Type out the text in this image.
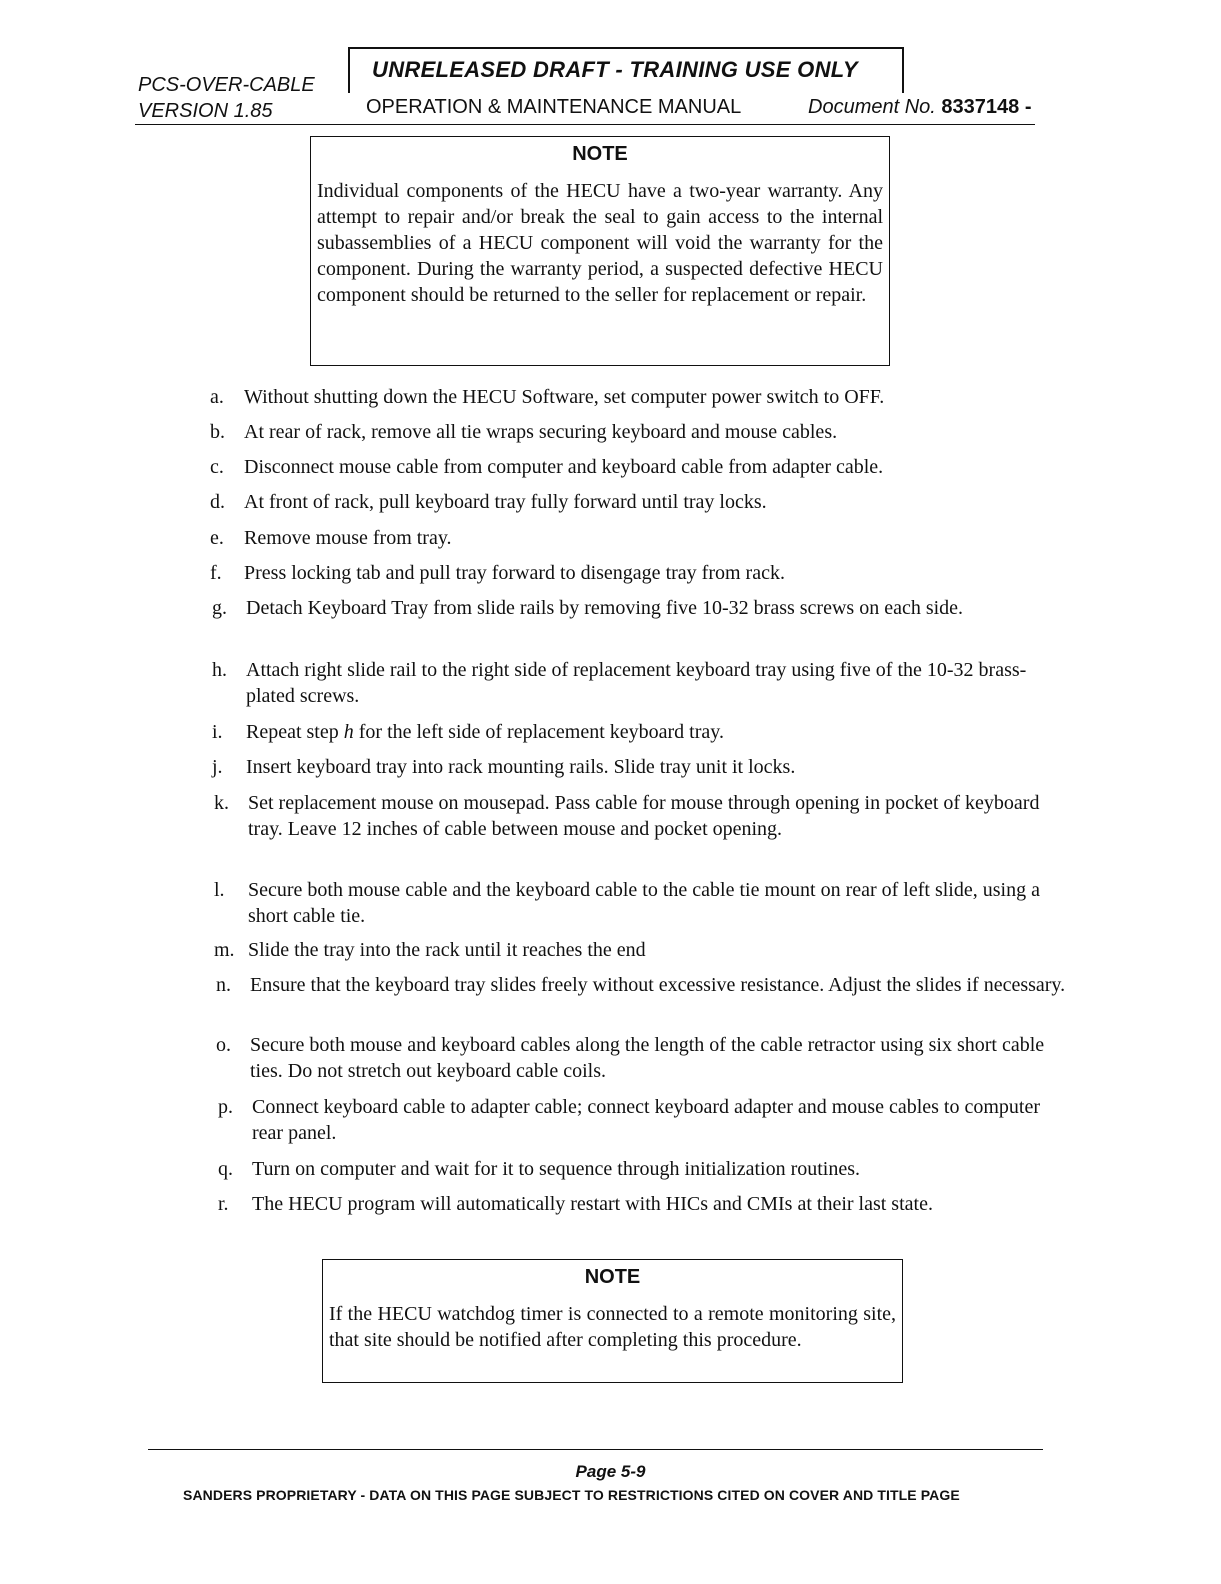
PCS-OVER-CABLE
VERSION 1.85
UNRELEASED DRAFT - TRAINING USE ONLY
OPERATION & MAINTENANCE MANUAL	Document No. 8337148 -
NOTE
Individual components of the HECU have a two-year warranty. Any attempt to repair and/or break the seal to gain access to the internal subassemblies of a HECU component will void the warranty for the component. During the warranty period, a suspected defective HECU component should be returned to the seller for replacement or repair.
a.	Without shutting down the HECU Software, set computer power switch to OFF.
b. At rear of rack, remove all tie wraps securing keyboard and mouse cables.
c.	Disconnect mouse cable from computer and keyboard cable from adapter cable.
d. At front of rack, pull keyboard tray fully forward until tray locks.
e.	Remove mouse from tray.
f.	Press locking tab and pull tray forward to disengage tray from rack.
g. Detach Keyboard Tray from slide rails by removing five 10-32 brass screws on each side.
h. Attach right slide rail to the right side of replacement keyboard tray using five of the 10-32 brass-plated screws.
i.	Repeat step h for the left side of replacement keyboard tray.
j.	Insert keyboard tray into rack mounting rails. Slide tray unit it locks.
k. Set replacement mouse on mousepad. Pass cable for mouse through opening in pocket of keyboard tray. Leave 12 inches of cable between mouse and pocket opening.
l.	Secure both mouse cable and the keyboard cable to the cable tie mount on rear of left slide, using a short cable tie.
m. Slide the tray into the rack until it reaches the end
n. Ensure that the keyboard tray slides freely without excessive resistance. Adjust the slides if necessary.
o. Secure both mouse and keyboard cables along the length of the cable retractor using six short cable ties. Do not stretch out keyboard cable coils.
p. Connect keyboard cable to adapter cable; connect keyboard adapter and mouse cables to computer rear panel.
q. Turn on computer and wait for it to sequence through initialization routines.
r.	The HECU program will automatically restart with HICs and CMIs at their last state.
NOTE
If the HECU watchdog timer is connected to a remote monitoring site, that site should be notified after completing this procedure.
Page 5-9
SANDERS PROPRIETARY - DATA ON THIS PAGE SUBJECT TO RESTRICTIONS CITED ON COVER AND TITLE PAGE
